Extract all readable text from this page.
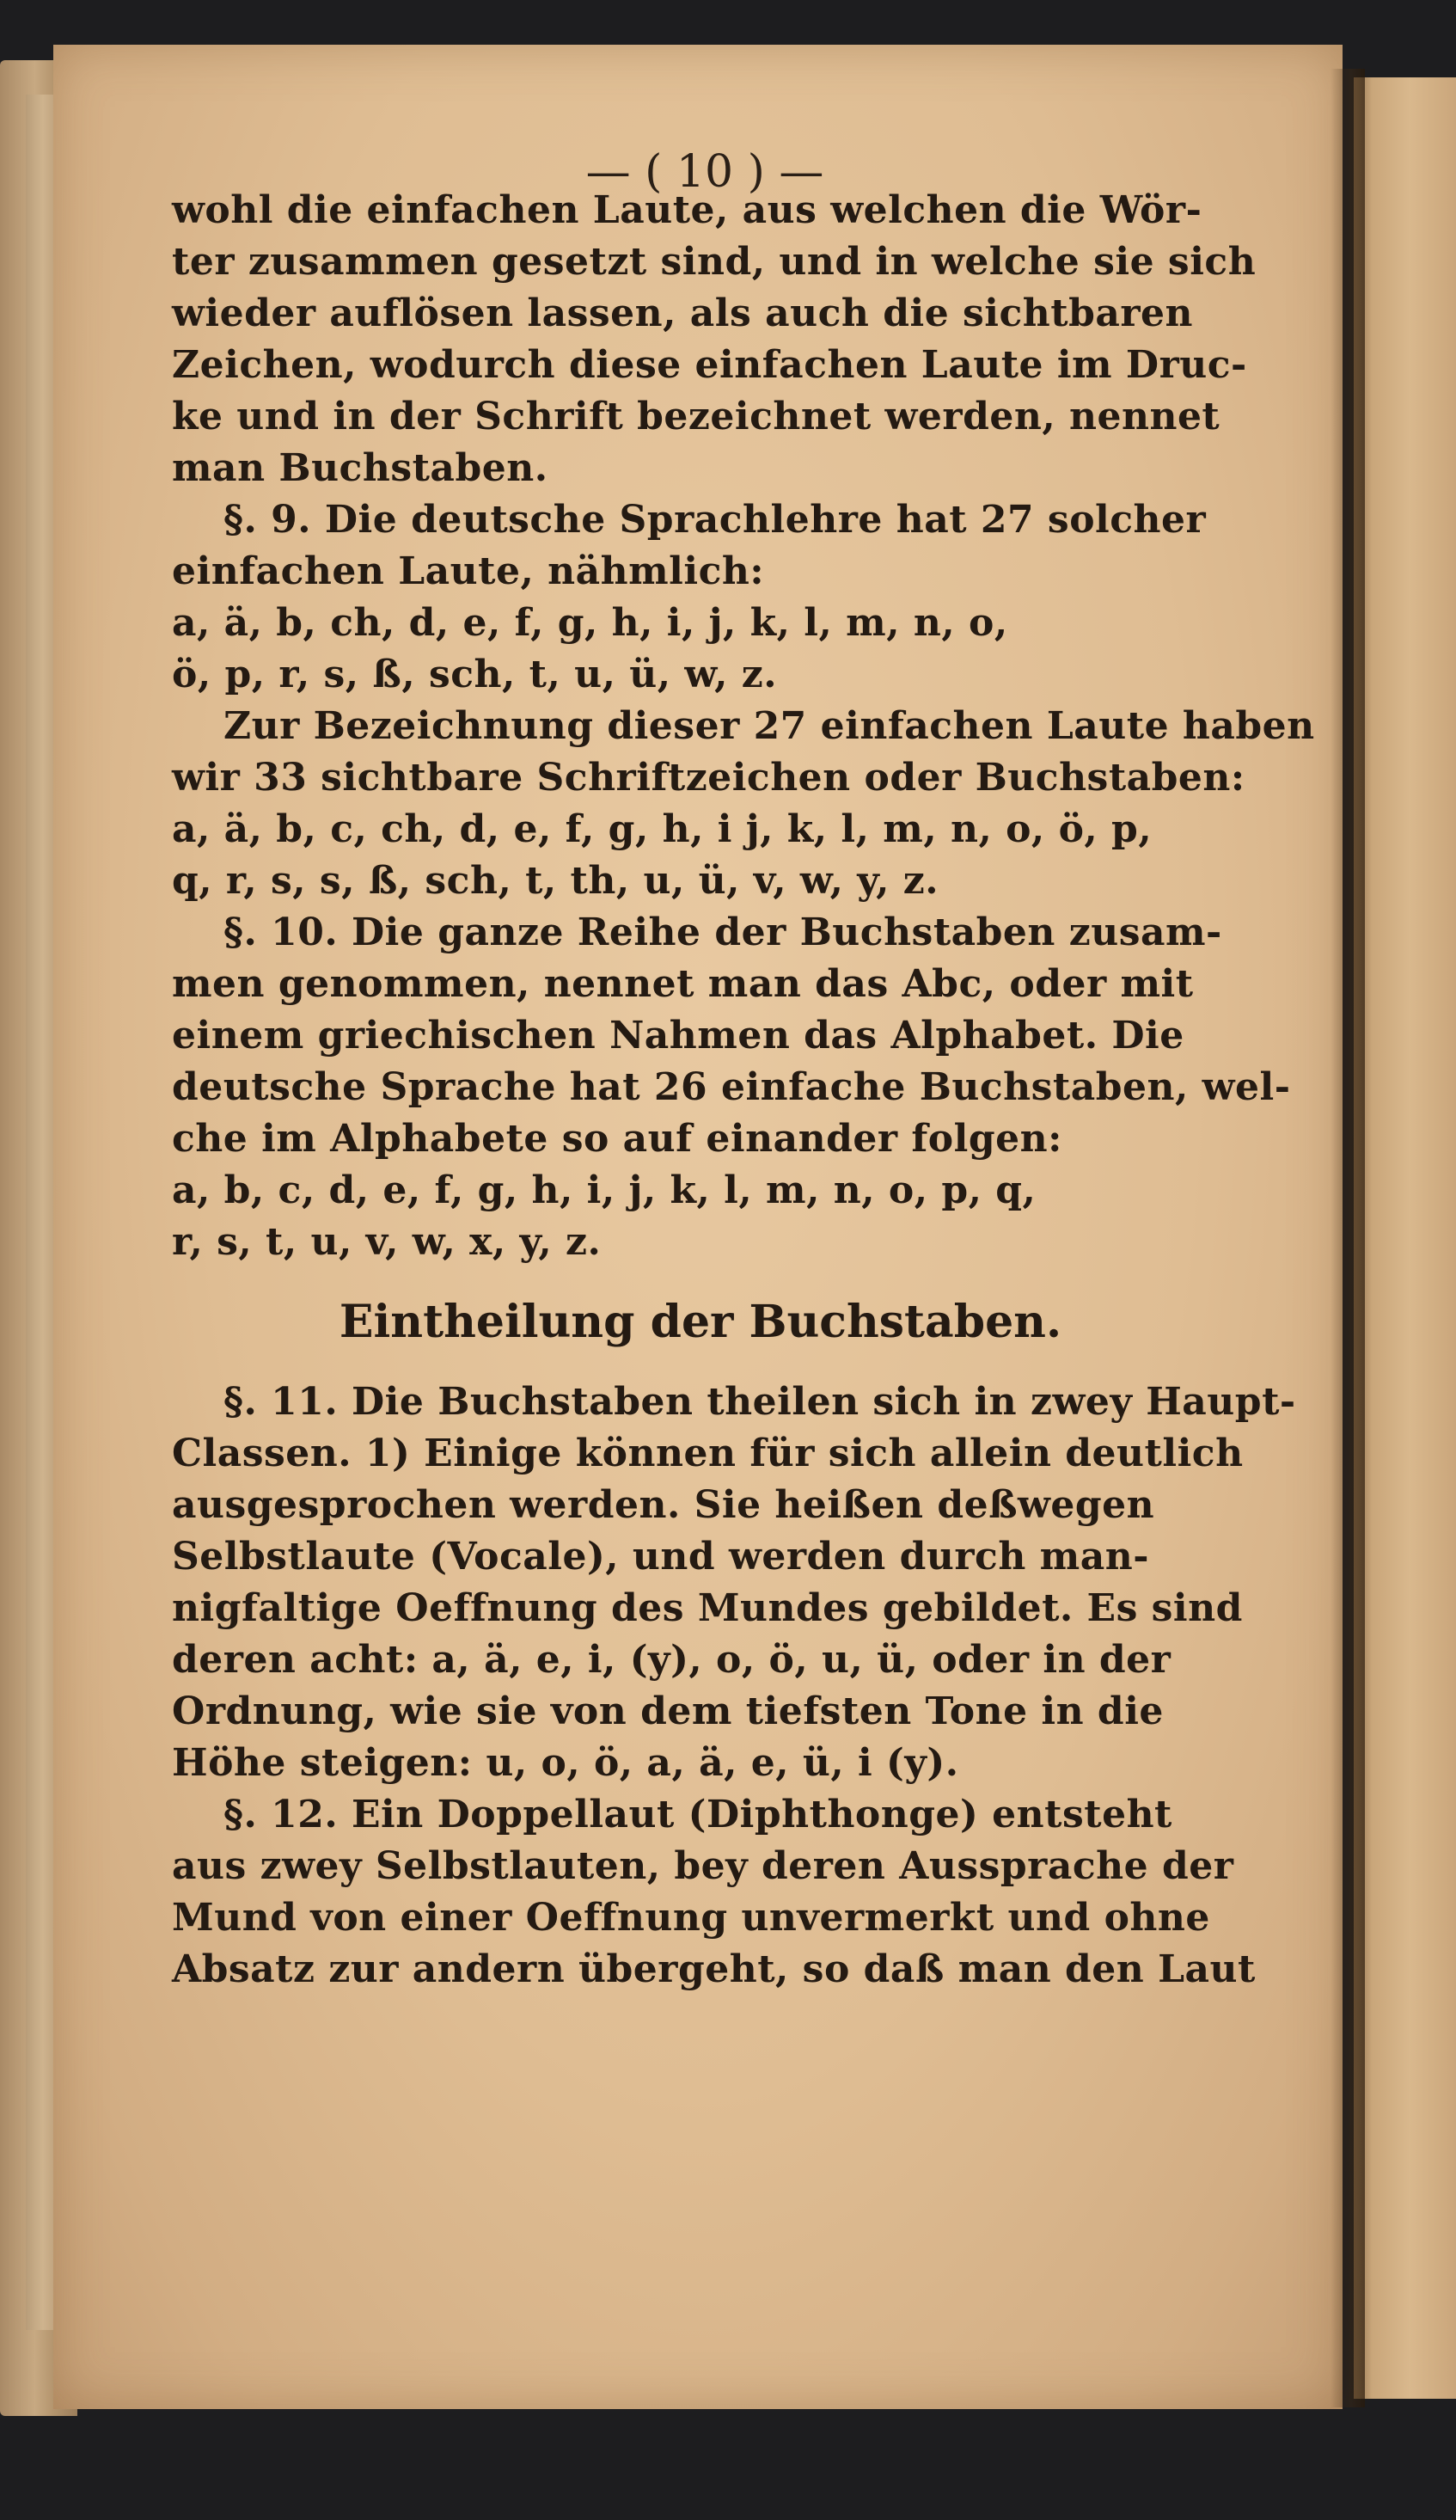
— ( 10 ) —
wohl die einfachen Laute, aus welchen die Wör-
ter zusammen gesetzt sind, und in welche sie sich
wieder auflösen lassen, als auch die sichtbaren
Zeichen, wodurch diese einfachen Laute im Druc-
ke und in der Schrift bezeichnet werden, nennet
man Buchstaben.
§. 9. Die deutsche Sprachlehre hat 27 solcher
einfachen Laute, nähmlich:
a, ä, b, ch, d, e, f, g, h, i, j, k, l, m, n, o,
ö, p, r, s, ß, sch, t, u, ü, w, z.
Zur Bezeichnung dieser 27 einfachen Laute haben
wir 33 sichtbare Schriftzeichen oder Buchstaben:
a, ä, b, c, ch, d, e, f, g, h, i j, k, l, m, n, o, ö, p,
q, r, s, s, ß, sch, t, th, u, ü, v, w, y, z.
§. 10. Die ganze Reihe der Buchstaben zusam-
men genommen, nennet man das Abc, oder mit
einem griechischen Nahmen das Alphabet. Die
deutsche Sprache hat 26 einfache Buchstaben, wel-
che im Alphabete so auf einander folgen:
a, b, c, d, e, f, g, h, i, j, k, l, m, n, o, p, q,
r, s, t, u, v, w, x, y, z.
Eintheilung der Buchstaben.
§. 11. Die Buchstaben theilen sich in zwey Haupt-
Classen. 1) Einige können für sich allein deutlich
ausgesprochen werden. Sie heißen deßwegen
Selbstlaute (Vocale), und werden durch man-
nigfaltige Oeffnung des Mundes gebildet. Es sind
deren acht: a, ä, e, i, (y), o, ö, u, ü, oder in der
Ordnung, wie sie von dem tiefsten Tone in die
Höhe steigen: u, o, ö, a, ä, e, ü, i (y).
§. 12. Ein Doppellaut (Diphthonge) entsteht
aus zwey Selbstlauten, bey deren Aussprache der
Mund von einer Oeffnung unvermerkt und ohne
Absatz zur andern übergeht, so daß man den Laut
